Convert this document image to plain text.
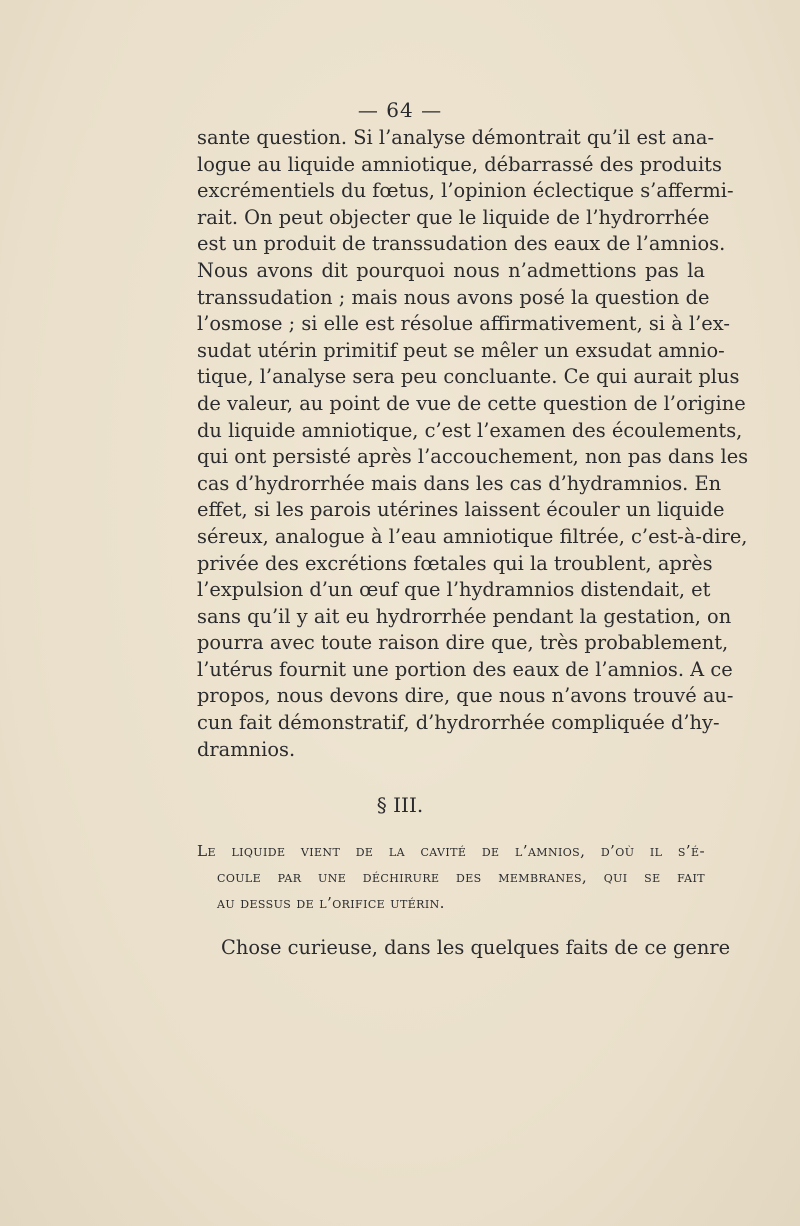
— 64 —

sante question. Si l’analyse démontrait qu’il est ana-
logue au liquide amniotique, débarrassé des produits
excrémentiels du fœtus, l’opinion éclectique s’affermi-
rait. On peut objecter que le liquide de l’hydrorrhée
est un produit de transsudation des eaux de l’amnios.
Nous avons dit pourquoi nous n’admettions pas la
transsudation ; mais nous avons posé la question de
l’osmose ; si elle est résolue affirmativement, si à l’ex-
sudat utérin primitif peut se mêler un exsudat amnio-
tique, l’analyse sera peu concluante. Ce qui aurait plus
de valeur, au point de vue de cette question de l’origine
du liquide amniotique, c’est l’examen des écoulements,
qui ont persisté après l’accouchement, non pas dans les
cas d’hydrorrhée mais dans les cas d’hydramnios. En
effet, si les parois utérines laissent écouler un liquide
séreux, analogue à l’eau amniotique filtrée, c’est-à-dire,
privée des excrétions fœtales qui la troublent, après
l’expulsion d’un œuf que l’hydramnios distendait, et
sans qu’il y ait eu hydrorrhée pendant la gestation, on
pourra avec toute raison dire que, très probablement,
l’utérus fournit une portion des eaux de l’amnios. A ce
propos, nous devons dire, que nous n’avons trouvé au-
cun fait démonstratif, d’hydrorrhée compliquée d’hy-
dramnios.

§ III.

Le liquide vient de la cavité de l’amnios, d’où il s’é-
coule par une déchirure des membranes, qui se fait
au dessus de l’orifice utérin.

Chose curieuse, dans les quelques faits de ce genre
